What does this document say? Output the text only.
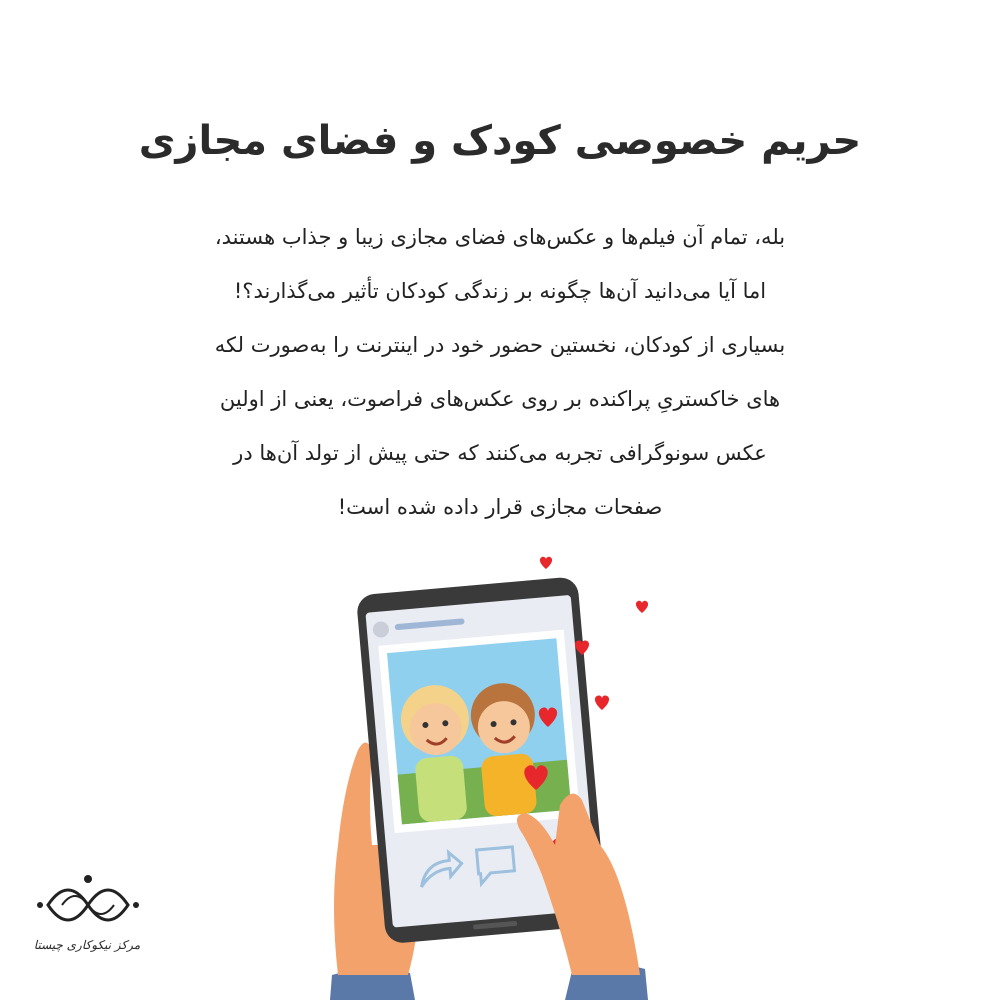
حریم خصوصی کودک و فضای مجازی
بله، تمام آن فیلم‌ها و عکس‌های فضای مجازی زیبا و جذاب هستند،
اما آیا می‌دانید آن‌ها چگونه بر زندگی کودکان تأثیر می‌گذارند؟!
بسیاری از کودکان، نخستین حضور خود در اینترنت را به‌صورت لکه
های خاکستریِ پراکنده بر روی عکس‌های فراصوت، یعنی از اولین
عکس سونوگرافی تجربه می‌کنند که حتی پیش از تولد آن‌ها در
صفحات مجازی قرار داده شده است!
مرکز نیکوکاری چیستا
